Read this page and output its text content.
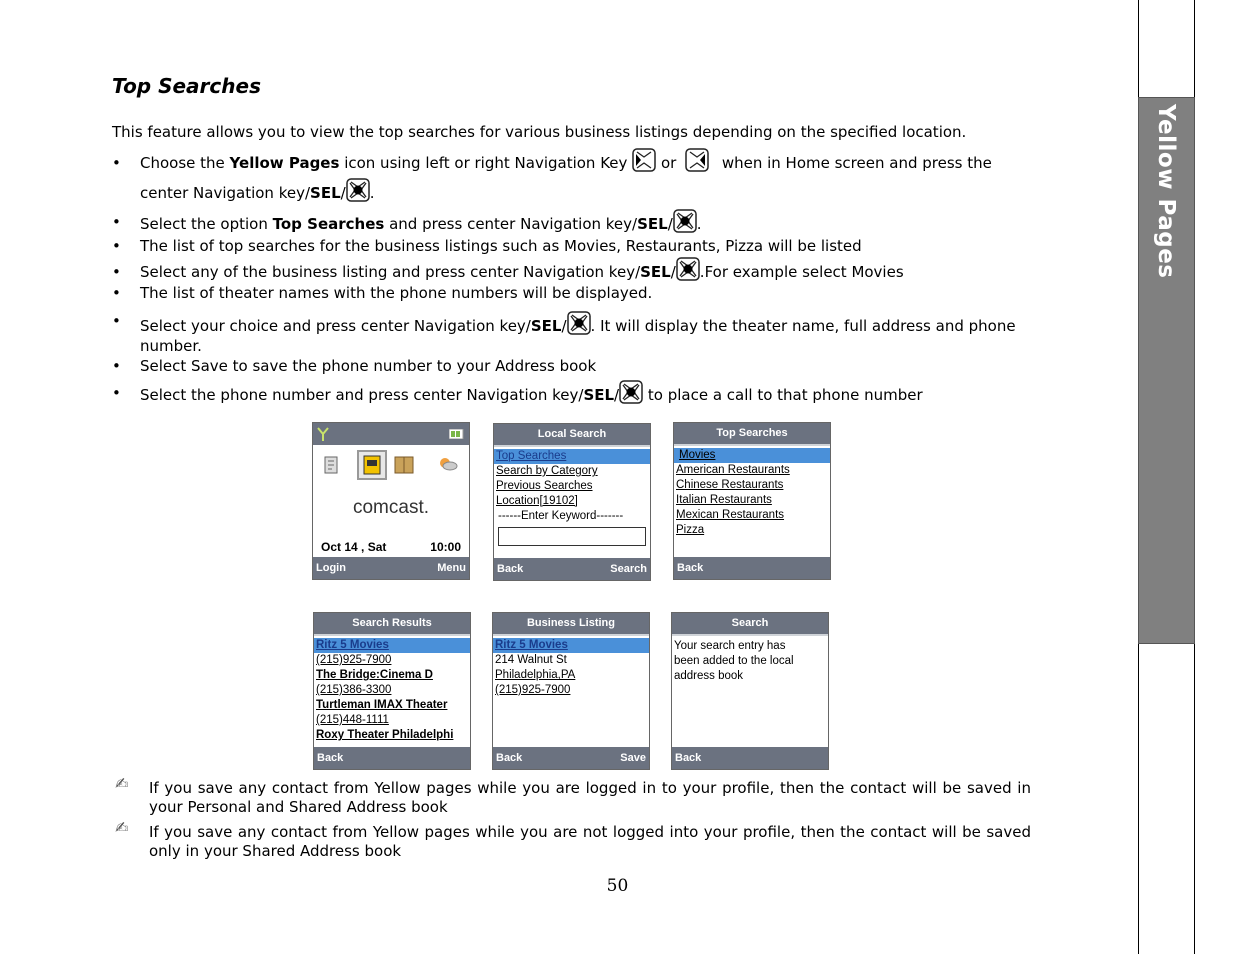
Yellow Pages
Top Searches

This feature allows you to view the top searches for various business listings depending on the specified location.

• Choose the Yellow Pages icon using left or right Navigation Key  or  when in Home screen and press the center Navigation key/SEL/ .
• Select the option Top Searches and press center Navigation key/SEL/ .
• The list of top searches for the business listings such as Movies, Restaurants, Pizza will be listed
• Select any of the business listing and press center Navigation key/SEL/ .For example select Movies
• The list of theater names with the phone numbers will be displayed.
• Select your choice and press center Navigation key/SEL/ . It will display the theater name, full address and phone number.
• Select Save to save the phone number to your Address book
• Select the phone number and press center Navigation key/SEL/ to place a call to that phone number
comcast.
Oct 14 , Sat	10:00
Login	Menu
Local Search
Top Searches
Search by Category
Previous Searches
Location[19102]
------Enter Keyword-------
Back	Search
Top Searches
Movies
American Restaurants
Chinese Restaurants
Italian Restaurants
Mexican Restaurants
Pizza
Back
Search Results
Ritz 5 Movies
(215)925-7900
The Bridge:Cinema D
(215)386-3300
Turtleman IMAX Theater
(215)448-1111
Roxy Theater Philadelphi
Back
Business Listing
Ritz 5 Movies
214 Walnut St
Philadelphia,PA
(215)925-7900
Back	Save
Search
Your search entry has
been added to the local
address book
Back
✍ If you save any contact from Yellow pages while you are logged in to your profile, then the contact will be saved in your Personal and Shared Address book

✍ If you save any contact from Yellow pages while you are not logged into your profile, then the contact will be saved only in your Shared Address book

50
